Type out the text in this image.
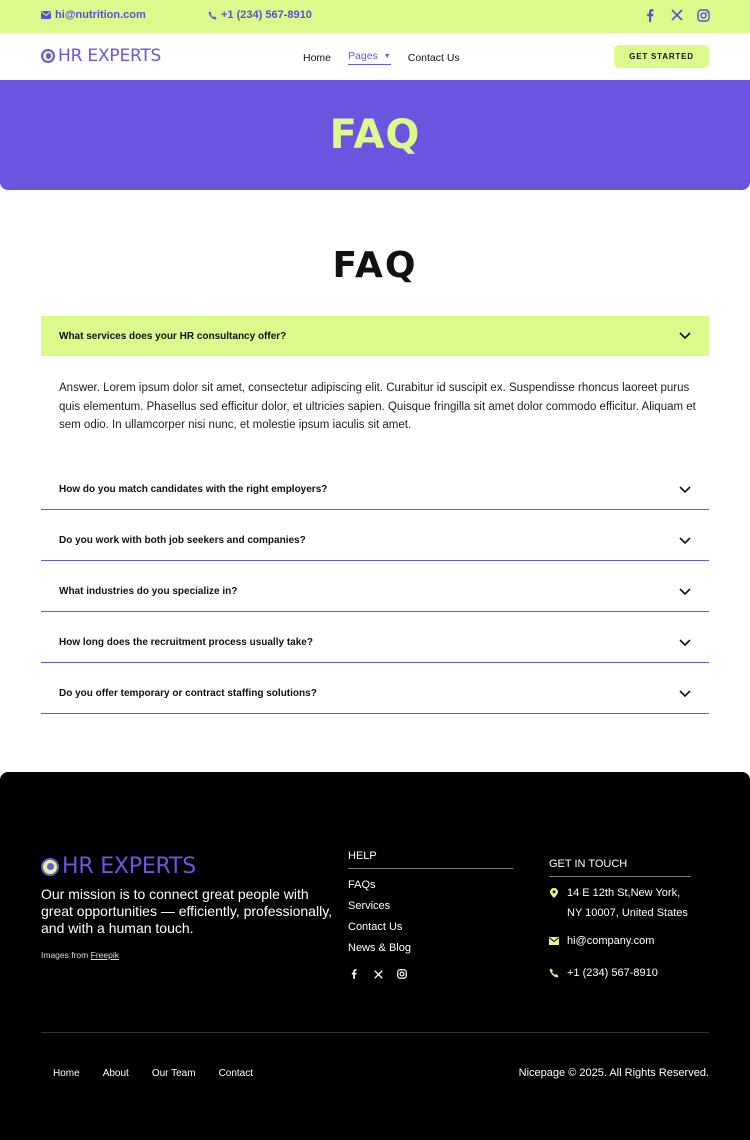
hi@nutrition.com	+1 (234) 567-8910
HR EXPERTS	Home Pages ▼ Contact Us	GET STARTED
FAQ
FAQ
What services does your HR consultancy offer?
Answer. Lorem ipsum dolor sit amet, consectetur adipiscing elit. Curabitur id suscipit ex. Suspendisse rhoncus laoreet purus quis elementum. Phasellus sed efficitur dolor, et ultricies sapien. Quisque fringilla sit amet dolor commodo efficitur. Aliquam et sem odio. In ullamcorper nisi nunc, et molestie ipsum iaculis sit amet.
How do you match candidates with the right employers?
Do you work with both job seekers and companies?
What industries do you specialize in?
How long does the recruitment process usually take?
Do you offer temporary or contract staffing solutions?
HR EXPERTS
Our mission is to connect great people with great opportunities — efficiently, professionally, and with a human touch.
Images from Freepik
HELP
FAQs
Services
Contact Us
News & Blog
GET IN TOUCH
14 E 12th St,New York, NY 10007, United States
hi@company.com
+1 (234) 567-8910
Home About Our Team Contact	Nicepage © 2025. All Rights Reserved.
